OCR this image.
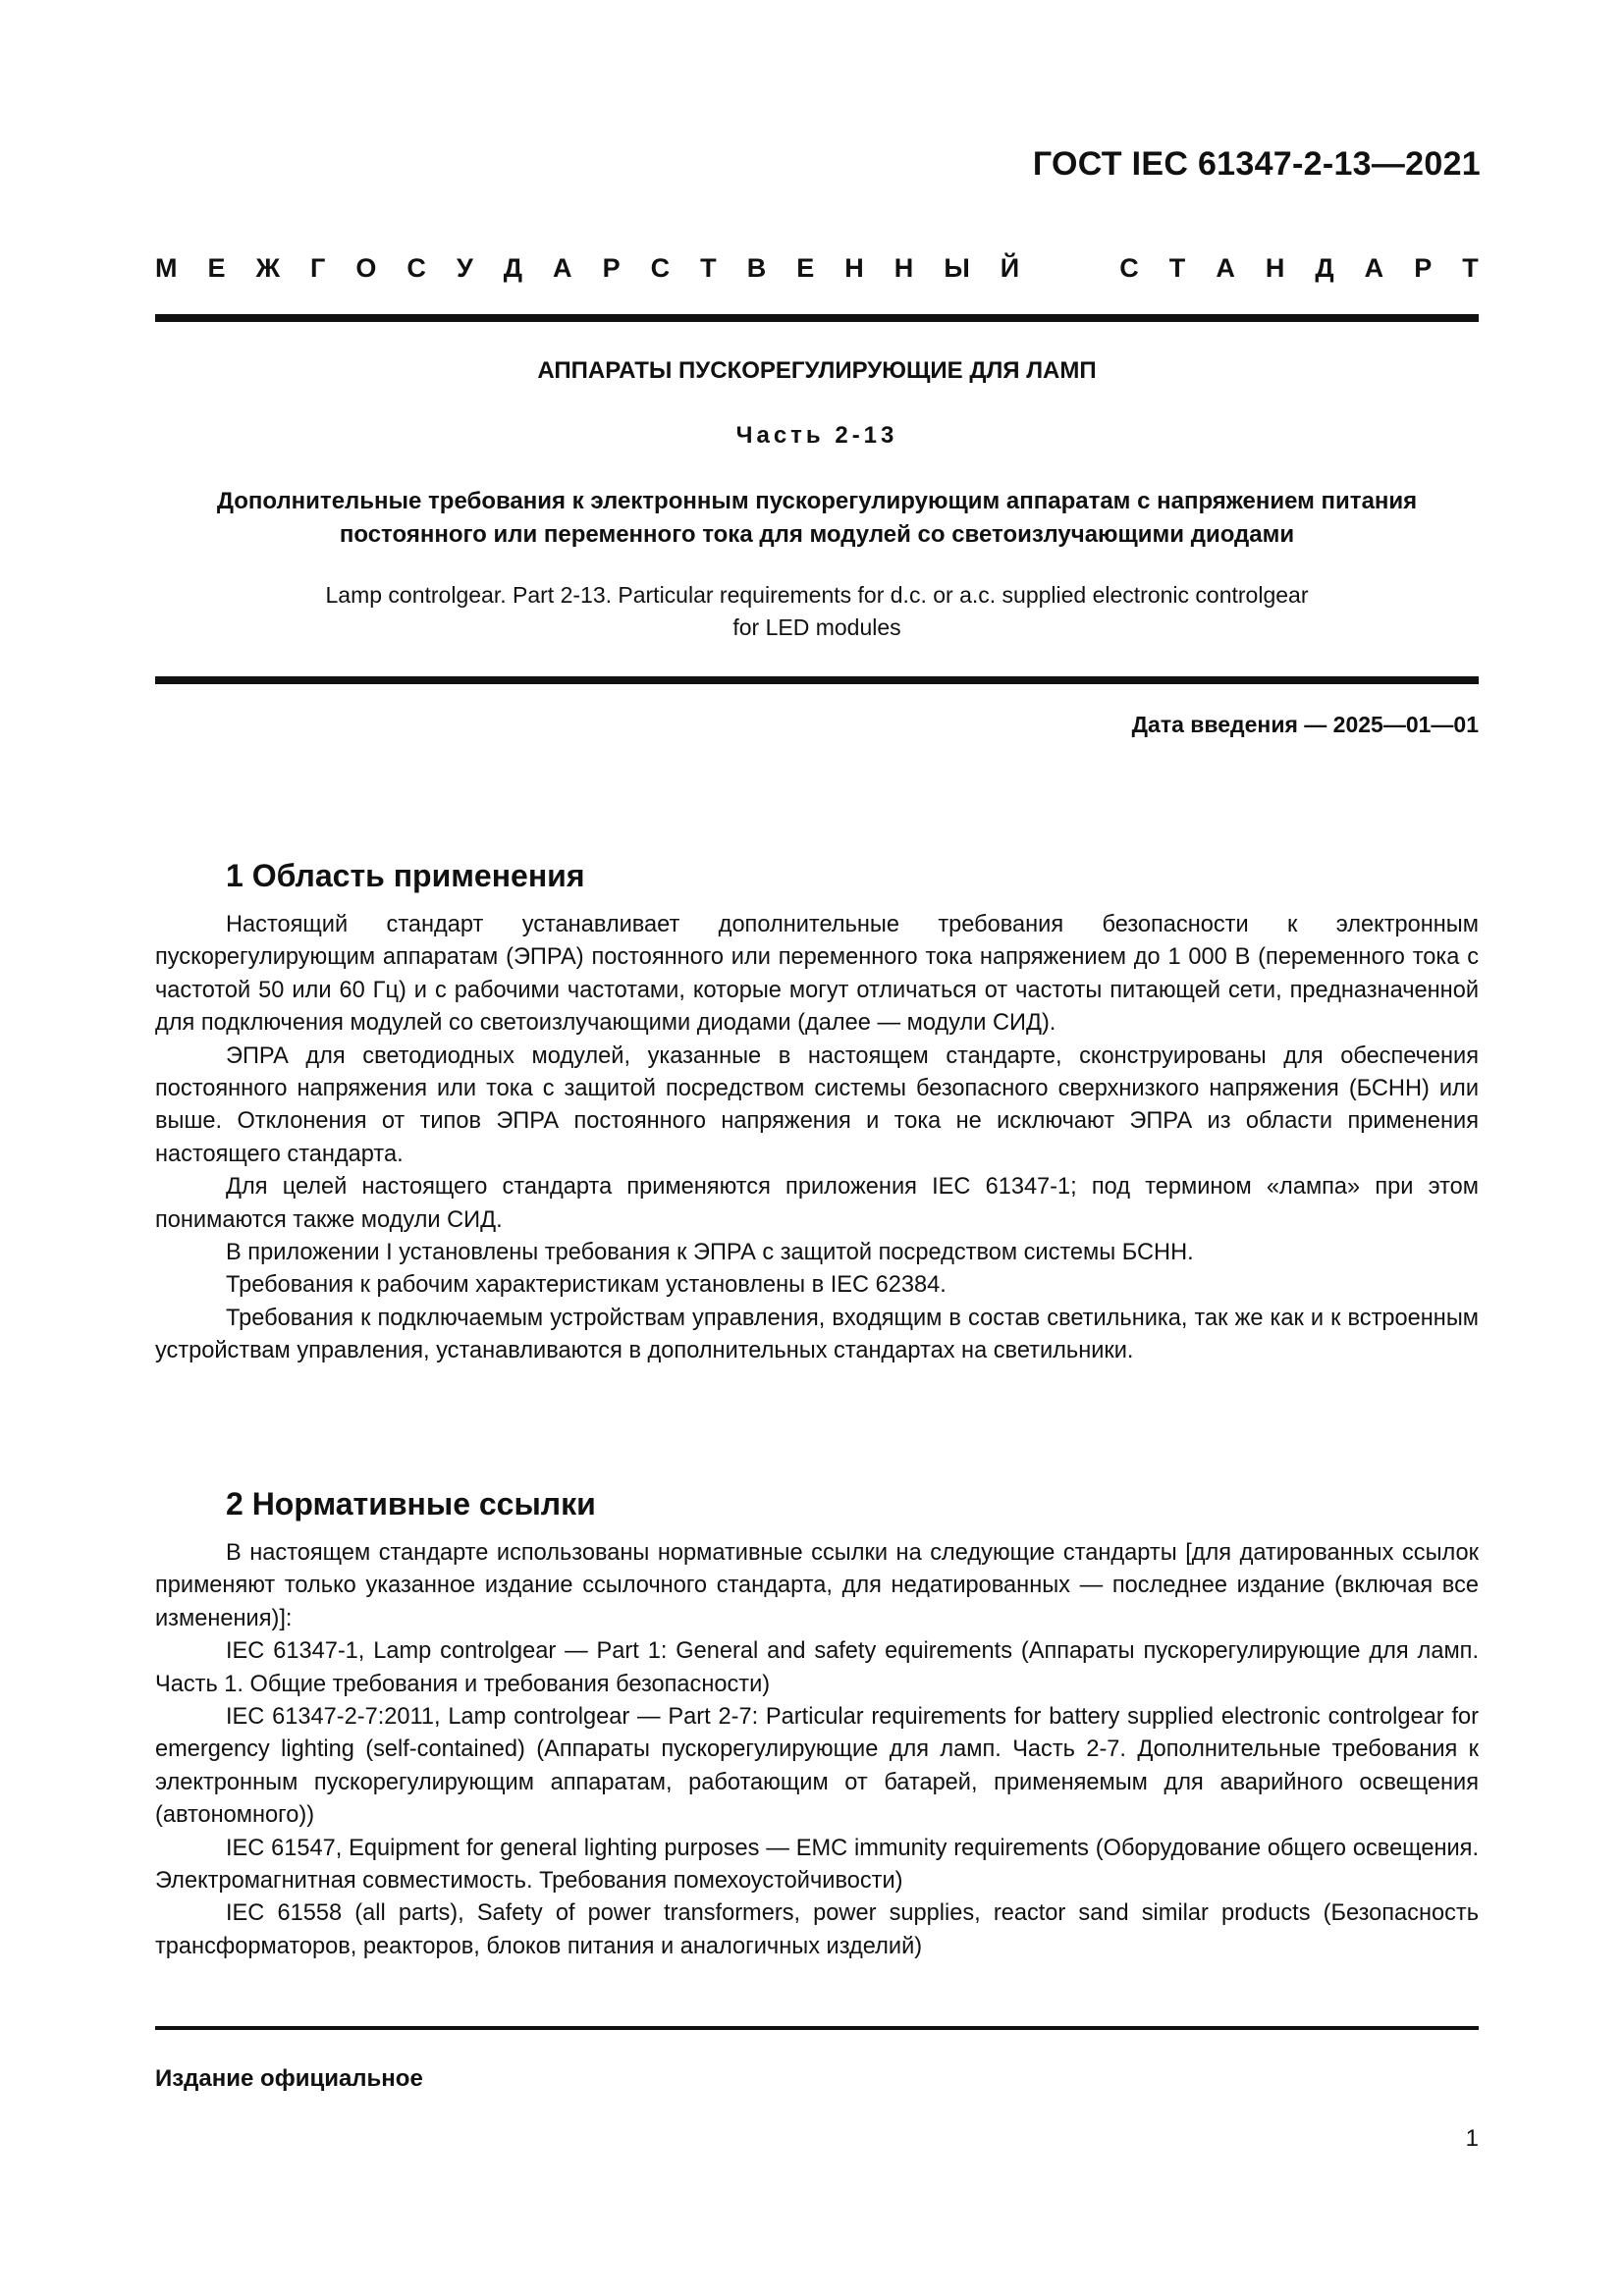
ГОСТ IEC 61347-2-13—2021
М Е Ж Г О С У Д А Р С Т В Е Н Н Ы Й	С Т А Н Д А Р Т
АППАРАТЫ ПУСКОРЕГУЛИРУЮЩИЕ ДЛЯ ЛАМП
Часть 2-13
Дополнительные требования к электронным пускорегулирующим аппаратам с напряжением питания постоянного или переменного тока для модулей со светоизлучающими диодами
Lamp controlgear. Part 2-13. Particular requirements for d.c. or a.c. supplied electronic controlgear for LED modules
Дата введения — 2025—01—01
1 Область применения

Настоящий стандарт устанавливает дополнительные требования безопасности к электронным пускорегулирующим аппаратам (ЭПРА) постоянного или переменного тока напряжением до 1 000 В (переменного тока с частотой 50 или 60 Гц) и с рабочими частотами, которые могут отличаться от частоты питающей сети, предназначенной для подключения модулей со светоизлучающими диодами (далее — модули СИД).

ЭПРА для светодиодных модулей, указанные в настоящем стандарте, сконструированы для обеспечения постоянного напряжения или тока с защитой посредством системы безопасного сверхнизкого напряжения (БСНН) или выше. Отклонения от типов ЭПРА постоянного напряжения и тока не исключают ЭПРА из области применения настоящего стандарта.

Для целей настоящего стандарта применяются приложения IEC 61347-1; под термином «лампа» при этом понимаются также модули СИД.

В приложении I установлены требования к ЭПРА с защитой посредством системы БСНН.

Требования к рабочим характеристикам установлены в IEC 62384.

Требования к подключаемым устройствам управления, входящим в состав светильника, так же как и к встроенным устройствам управления, устанавливаются в дополнительных стандартах на светильники.

2 Нормативные ссылки

В настоящем стандарте использованы нормативные ссылки на следующие стандарты [для датированных ссылок применяют только указанное издание ссылочного стандарта, для недатированных — последнее издание (включая все изменения)]:

IEC 61347-1, Lamp controlgear — Part 1: General and safety equirements (Аппараты пускорегулирующие для ламп. Часть 1. Общие требования и требования безопасности)

IEC 61347-2-7:2011, Lamp controlgear — Part 2-7: Particular requirements for battery supplied electronic controlgear for emergency lighting (self-contained) (Аппараты пускорегулирующие для ламп. Часть 2-7. Дополнительные требования к электронным пускорегулирующим аппаратам, работающим от батарей, применяемым для аварийного освещения (автономного))

IEC 61547, Equipment for general lighting purposes — EMC immunity requirements (Оборудование общего освещения. Электромагнитная совместимость. Требования помехоустойчивости)

IEC 61558 (all parts), Safety of power transformers, power supplies, reactor sand similar products (Безопасность трансформаторов, реакторов, блоков питания и аналогичных изделий)

Издание официальное
1
